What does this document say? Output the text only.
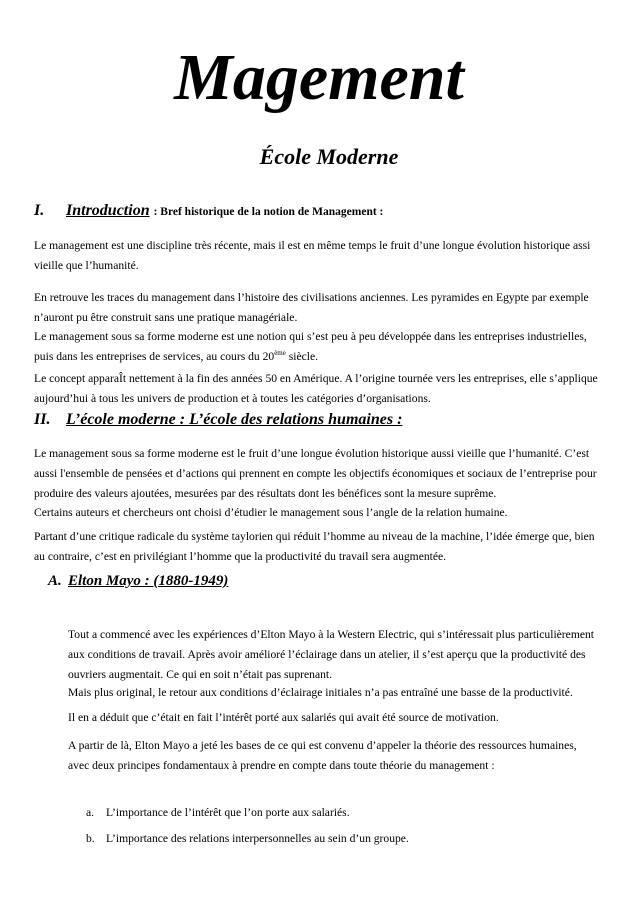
Magement
École Moderne
I. Introduction : Bref historique de la notion de Management :
Le management est une discipline très récente, mais il est en même temps le fruit d’une longue évolution historique assi
vieille que l’humanité.
En retrouve les traces du management dans l’histoire des civilisations anciennes. Les pyramides en Egypte par exemple
n’auront pu être construit sans une pratique managériale.
Le management sous sa forme moderne est une notion qui s’est peu à peu développée dans les entreprises industrielles,
puis dans les entreprises de services, au cours du 20ème siècle.
Le concept apparaÎt nettement à la fin des années 50 en Amérique. A l’origine tournée vers les entreprises, elle s’applique
aujourd’hui à tous les univers de production et à toutes les catégories d’organisations.
II. L’école moderne : L’école des relations humaines :
Le management sous sa forme moderne est le fruit d’une longue évolution historique aussi vieille que l’humanité. C’est
aussi l'ensemble de pensées et d’actions qui prennent en compte les objectifs économiques et sociaux de l’entreprise pour
produire des valeurs ajoutées, mesurées par des résultats dont les bénéfices sont la mesure suprême.
Certains auteurs et chercheurs ont choisi d’étudier le management sous l’angle de la relation humaine.
Partant d’une critique radicale du système taylorien qui réduit l’homme au niveau de la machine, l’idée émerge que, bien
au contraire, c’est en privilégiant l’homme que la productivité du travail sera augmentée.
A. Elton Mayo : (1880-1949)
Tout a commencé avec les expériences d’Elton Mayo à la Western Electric, qui s’intéressait plus particulièrement
aux conditions de travail. Après avoir amélioré l’éclairage dans un atelier, il s’est aperçu que la productivité des
ouvriers augmentait. Ce qui en soit n’était pas suprenant.
Mais plus original, le retour aux conditions d’éclairage initiales n’a pas entraîné une basse de la productivité.
Il en a déduit que c’était en fait l’intérêt porté aux salariés qui avait été source de motivation.
A partir de là, Elton Mayo a jeté les bases de ce qui est convenu d’appeler la théorie des ressources humaines,
avec deux principes fondamentaux à prendre en compte dans toute théorie du management :
a. L’importance de l’intérêt que l’on porte aux salariés.
b. L’importance des relations interpersonnelles au sein d’un groupe.
